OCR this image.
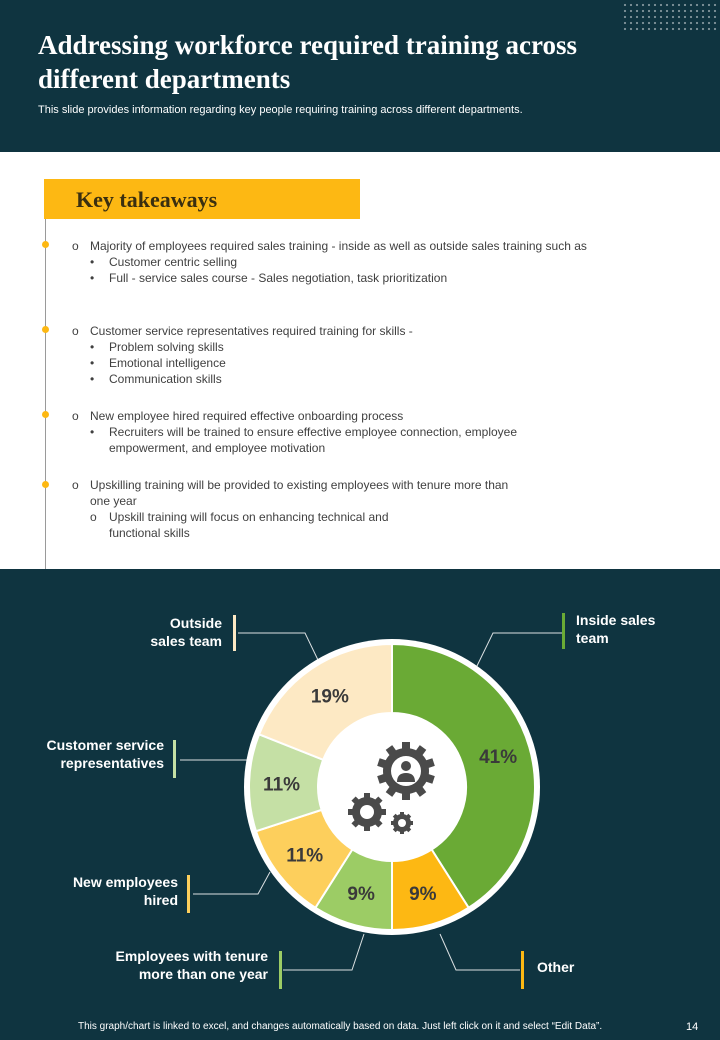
Addressing workforce required training across different departments
This slide provides information regarding key people requiring training across different departments.
Key takeaways
o Majority of employees required sales training - inside as well as outside sales training such as
• Customer centric selling
• Full - service sales course - Sales negotiation, task prioritization
o Customer service representatives required training for skills -
• Problem solving skills
• Emotional intelligence
• Communication skills
o New employee hired required effective onboarding process
• Recruiters will be trained to ensure effective employee connection, employee empowerment, and employee motivation
o Upskilling training will be provided to existing employees with tenure more than one year
o Upskill training will focus on enhancing technical and functional skills
41%
9%
9%
11%
11%
19%
Outside sales team
Inside sales team
Customer service representatives
New employees hired
Employees with tenure more than one year	Other
This graph/chart is linked to excel, and changes automatically based on data. Just left click on it and select “Edit Data”.	14
